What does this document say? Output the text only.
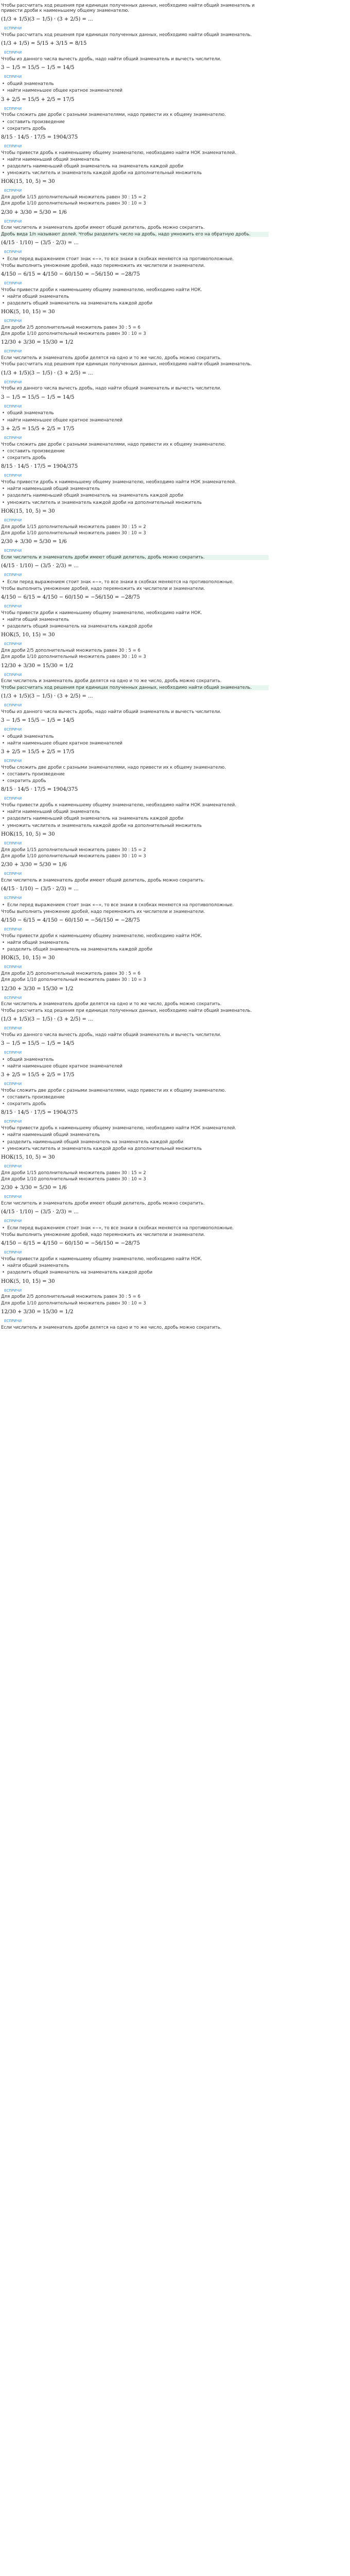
Чтобы рассчитать ход решения при единицах полученных данных, необходимо найти общий знаменатель и привести дроби к наименьшему общему знаменателю.
(1/3 + 1/5)(3 − 1/5) · (3 + 2/5) = ...
ЕСПРИЧИ
Чтобы рассчитать ход решения при единицах полученных данных, необходимо найти общий знаменатель.
(1/3 + 1/5) = 5/15 + 3/15 = 8/15
ЕСПРИЧИ
Чтобы из данного числа вычесть дробь, надо найти общий знаменатель и вычесть числители.
3 − 1/5 = 15/5 − 1/5 = 14/5
ЕСПРИЧИ
• общий знаменатель
• найти наименьшее общее кратное знаменателей
3 + 2/5 = 15/5 + 2/5 = 17/5
ЕСПРИЧИ
Чтобы сложить две дроби с разными знаменателями, надо привести их к общему знаменателю.
• составить произведение
• сократить дробь
8/15 · 14/5 · 17/5 = 1904/375
ЕСПРИЧИ
Чтобы привести дробь к наименьшему общему знаменателю, необходимо найти НОК знаменателей.
• найти наименьший общий знаменатель
• разделить наименьший общий знаменатель на знаменатель каждой дроби
• умножить числитель и знаменатель каждой дроби на дополнительный множитель
НОК(15, 10, 5) = 30
ЕСПРИЧИ
Для дроби 1/15 дополнительный множитель равен 30 : 15 = 2
Для дроби 1/10 дополнительный множитель равен 30 : 10 = 3
2/30 + 3/30 = 5/30 = 1/6
ЕСПРИЧИ
Если числитель и знаменатель дроби имеют общий делитель, дробь можно сократить.
Дробь вида 1/n называют долей. Чтобы разделить число на дробь, надо умножить его на обратную дробь.
(4/15 · 1/10) − (3/5 · 2/3) = ...
ЕСПРИЧИ
• Если перед выражением стоит знак «−», то все знаки в скобках меняются на противоположные.
Чтобы выполнить умножение дробей, надо перемножить их числители и знаменатели.
4/150 − 6/15 = 4/150 − 60/150 = −56/150 = −28/75
ЕСПРИЧИ
Чтобы привести дроби к наименьшему общему знаменателю, необходимо найти НОК.
• найти общий знаменатель
• разделить общий знаменатель на знаменатель каждой дроби
НОК(5, 10, 15) = 30
ЕСПРИЧИ
Для дроби 2/5 дополнительный множитель равен 30 : 5 = 6
Для дроби 1/10 дополнительный множитель равен 30 : 10 = 3
12/30 + 3/30 = 15/30 = 1/2
ЕСПРИЧИ
Если числитель и знаменатель дроби делятся на одно и то же число, дробь можно сократить.
Чтобы рассчитать ход решения при единицах полученных данных, необходимо найти общий знаменатель.
(1/3 + 1/5)(3 − 1/5) · (3 + 2/5) = ...
ЕСПРИЧИ
Чтобы из данного числа вычесть дробь, надо найти общий знаменатель и вычесть числители.
3 − 1/5 = 15/5 − 1/5 = 14/5
ЕСПРИЧИ
• общий знаменатель
• найти наименьшее общее кратное знаменателей
3 + 2/5 = 15/5 + 2/5 = 17/5
ЕСПРИЧИ
Чтобы сложить две дроби с разными знаменателями, надо привести их к общему знаменателю.
• составить произведение
• сократить дробь
8/15 · 14/5 · 17/5 = 1904/375
ЕСПРИЧИ
Чтобы привести дробь к наименьшему общему знаменателю, необходимо найти НОК знаменателей.
• найти наименьший общий знаменатель
• разделить наименьший общий знаменатель на знаменатель каждой дроби
• умножить числитель и знаменатель каждой дроби на дополнительный множитель
НОК(15, 10, 5) = 30
ЕСПРИЧИ
Для дроби 1/15 дополнительный множитель равен 30 : 15 = 2
Для дроби 1/10 дополнительный множитель равен 30 : 10 = 3
2/30 + 3/30 = 5/30 = 1/6
ЕСПРИЧИ
Если числитель и знаменатель дроби имеют общий делитель, дробь можно сократить.
(4/15 · 1/10) − (3/5 · 2/3) = ...
ЕСПРИЧИ
• Если перед выражением стоит знак «−», то все знаки в скобках меняются на противоположные.
Чтобы выполнить умножение дробей, надо перемножить их числители и знаменатели.
4/150 − 6/15 = 4/150 − 60/150 = −56/150 = −28/75
ЕСПРИЧИ
Чтобы привести дроби к наименьшему общему знаменателю, необходимо найти НОК.
• найти общий знаменатель
• разделить общий знаменатель на знаменатель каждой дроби
НОК(5, 10, 15) = 30
ЕСПРИЧИ
Для дроби 2/5 дополнительный множитель равен 30 : 5 = 6
Для дроби 1/10 дополнительный множитель равен 30 : 10 = 3
12/30 + 3/30 = 15/30 = 1/2
ЕСПРИЧИ
Если числитель и знаменатель дроби делятся на одно и то же число, дробь можно сократить.
Чтобы рассчитать ход решения при единицах полученных данных, необходимо найти общий знаменатель.
(1/3 + 1/5)(3 − 1/5) · (3 + 2/5) = ...
ЕСПРИЧИ
Чтобы из данного числа вычесть дробь, надо найти общий знаменатель и вычесть числители.
3 − 1/5 = 15/5 − 1/5 = 14/5
ЕСПРИЧИ
• общий знаменатель
• найти наименьшее общее кратное знаменателей
3 + 2/5 = 15/5 + 2/5 = 17/5
ЕСПРИЧИ
Чтобы сложить две дроби с разными знаменателями, надо привести их к общему знаменателю.
• составить произведение
• сократить дробь
8/15 · 14/5 · 17/5 = 1904/375
ЕСПРИЧИ
Чтобы привести дробь к наименьшему общему знаменателю, необходимо найти НОК знаменателей.
• найти наименьший общий знаменатель
• разделить наименьший общий знаменатель на знаменатель каждой дроби
• умножить числитель и знаменатель каждой дроби на дополнительный множитель
НОК(15, 10, 5) = 30
ЕСПРИЧИ
Для дроби 1/15 дополнительный множитель равен 30 : 15 = 2
Для дроби 1/10 дополнительный множитель равен 30 : 10 = 3
2/30 + 3/30 = 5/30 = 1/6
ЕСПРИЧИ
Если числитель и знаменатель дроби имеют общий делитель, дробь можно сократить.
(4/15 · 1/10) − (3/5 · 2/3) = ...
ЕСПРИЧИ
• Если перед выражением стоит знак «−», то все знаки в скобках меняются на противоположные.
Чтобы выполнить умножение дробей, надо перемножить их числители и знаменатели.
4/150 − 6/15 = 4/150 − 60/150 = −56/150 = −28/75
ЕСПРИЧИ
Чтобы привести дроби к наименьшему общему знаменателю, необходимо найти НОК.
• найти общий знаменатель
• разделить общий знаменатель на знаменатель каждой дроби
НОК(5, 10, 15) = 30
ЕСПРИЧИ
Для дроби 2/5 дополнительный множитель равен 30 : 5 = 6
Для дроби 1/10 дополнительный множитель равен 30 : 10 = 3
12/30 + 3/30 = 15/30 = 1/2
ЕСПРИЧИ
Если числитель и знаменатель дроби делятся на одно и то же число, дробь можно сократить.
Чтобы рассчитать ход решения при единицах полученных данных, необходимо найти общий знаменатель.
(1/3 + 1/5)(3 − 1/5) · (3 + 2/5) = ...
ЕСПРИЧИ
Чтобы из данного числа вычесть дробь, надо найти общий знаменатель и вычесть числители.
3 − 1/5 = 15/5 − 1/5 = 14/5
ЕСПРИЧИ
• общий знаменатель
• найти наименьшее общее кратное знаменателей
3 + 2/5 = 15/5 + 2/5 = 17/5
ЕСПРИЧИ
Чтобы сложить две дроби с разными знаменателями, надо привести их к общему знаменателю.
• составить произведение
• сократить дробь
8/15 · 14/5 · 17/5 = 1904/375
ЕСПРИЧИ
Чтобы привести дробь к наименьшему общему знаменателю, необходимо найти НОК знаменателей.
• найти наименьший общий знаменатель
• разделить наименьший общий знаменатель на знаменатель каждой дроби
• умножить числитель и знаменатель каждой дроби на дополнительный множитель
НОК(15, 10, 5) = 30
ЕСПРИЧИ
Для дроби 1/15 дополнительный множитель равен 30 : 15 = 2
Для дроби 1/10 дополнительный множитель равен 30 : 10 = 3
2/30 + 3/30 = 5/30 = 1/6
ЕСПРИЧИ
Если числитель и знаменатель дроби имеют общий делитель, дробь можно сократить.
(4/15 · 1/10) − (3/5 · 2/3) = ...
ЕСПРИЧИ
• Если перед выражением стоит знак «−», то все знаки в скобках меняются на противоположные.
Чтобы выполнить умножение дробей, надо перемножить их числители и знаменатели.
4/150 − 6/15 = 4/150 − 60/150 = −56/150 = −28/75
ЕСПРИЧИ
Чтобы привести дроби к наименьшему общему знаменателю, необходимо найти НОК.
• найти общий знаменатель
• разделить общий знаменатель на знаменатель каждой дроби
НОК(5, 10, 15) = 30
ЕСПРИЧИ
Для дроби 2/5 дополнительный множитель равен 30 : 5 = 6
Для дроби 1/10 дополнительный множитель равен 30 : 10 = 3
12/30 + 3/30 = 15/30 = 1/2
ЕСПРИЧИ
Если числитель и знаменатель дроби делятся на одно и то же число, дробь можно сократить.
